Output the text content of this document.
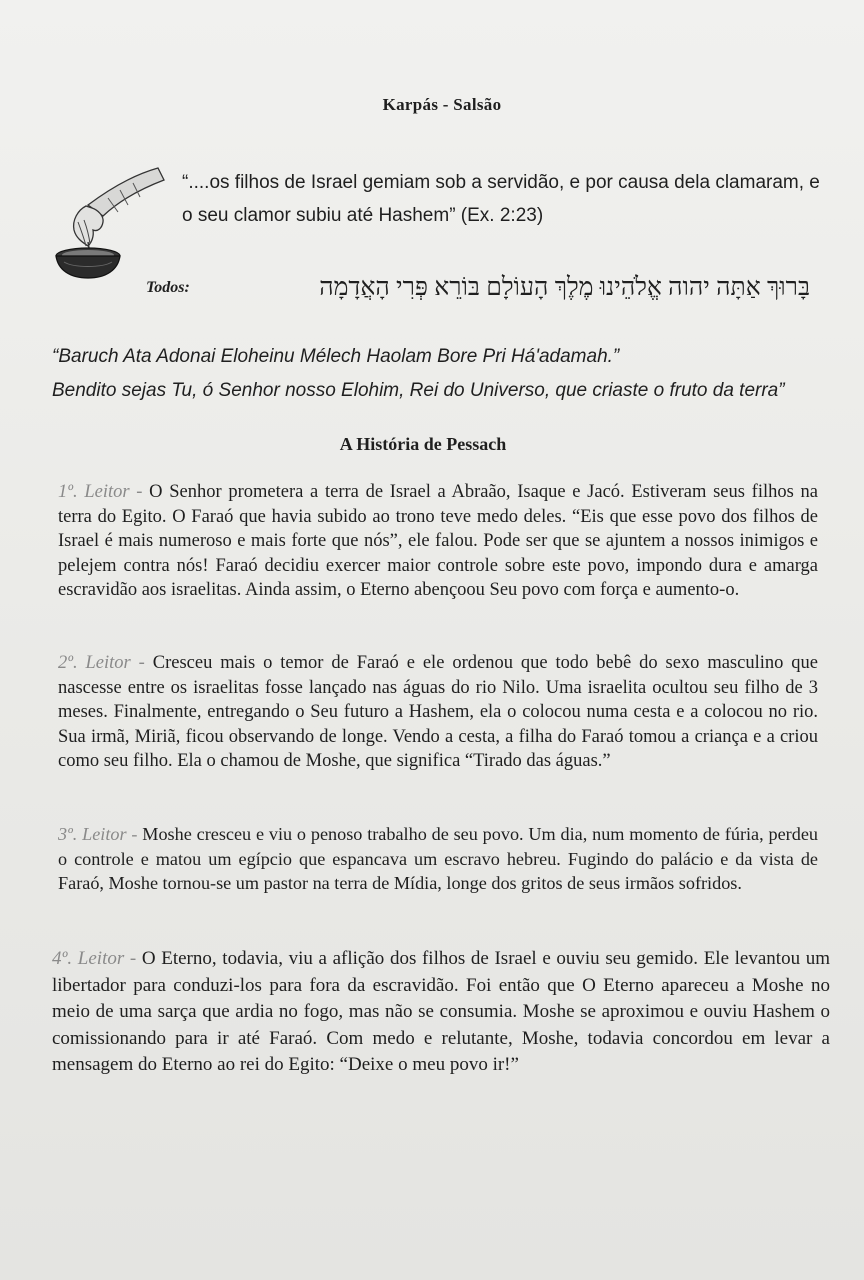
Karpás - Salsão
“....os filhos de Israel gemiam sob a servidão, e por causa dela clamaram, e o seu clamor subiu até Hashem” (Ex. 2:23)
Todos:	בָּרוּךְ אַתָּה יהוה אֱלֹהֵינוּ מֶלֶךְ הָעוֹלָם בּוֹרֵא פְּרִי הָאֲדָמָה
“Baruch Ata Adonai Eloheinu Mélech Haolam Bore Pri Há'adamah.”
Bendito sejas Tu, ó Senhor nosso Elohim, Rei do Universo, que criaste o fruto da terra”
A História de Pessach
1º. Leitor - O Senhor prometera a terra de Israel a Abraão, Isaque e Jacó. Estiveram seus filhos na terra do Egito. O Faraó que havia subido ao trono teve medo deles. “Eis que esse povo dos filhos de Israel é mais numeroso e mais forte que nós”, ele falou. Pode ser que se ajuntem a nossos inimigos e pelejem contra nós! Faraó decidiu exercer maior controle sobre este povo, impondo dura e amarga escravidão aos israelitas. Ainda assim, o Eterno abençoou Seu povo com força e aumento-o.
2º. Leitor - Cresceu mais o temor de Faraó e ele ordenou que todo bebê do sexo masculino que nascesse entre os israelitas fosse lançado nas águas do rio Nilo. Uma israelita ocultou seu filho de 3 meses. Finalmente, entregando o Seu futuro a Hashem, ela o colocou numa cesta e a colocou no rio. Sua irmã, Miriã, ficou observando de longe. Vendo a cesta, a filha do Faraó tomou a criança e a criou como seu filho. Ela o chamou de Moshe, que significa “Tirado das águas.”
3º. Leitor - Moshe cresceu e viu o penoso trabalho de seu povo. Um dia, num momento de fúria, perdeu o controle e matou um egípcio que espancava um escravo hebreu. Fugindo do palácio e da vista de Faraó, Moshe tornou-se um pastor na terra de Mídia, longe dos gritos de seus irmãos sofridos.
4º. Leitor - O Eterno, todavia, viu a aflição dos filhos de Israel e ouviu seu gemido. Ele levantou um libertador para conduzi-los para fora da escravidão. Foi então que O Eterno apareceu a Moshe no meio de uma sarça que ardia no fogo, mas não se consumia. Moshe se aproximou e ouviu Hashem o comissionando para ir até Faraó. Com medo e relutante, Moshe, todavia concordou em levar a mensagem do Eterno ao rei do Egito: “Deixe o meu povo ir!”
